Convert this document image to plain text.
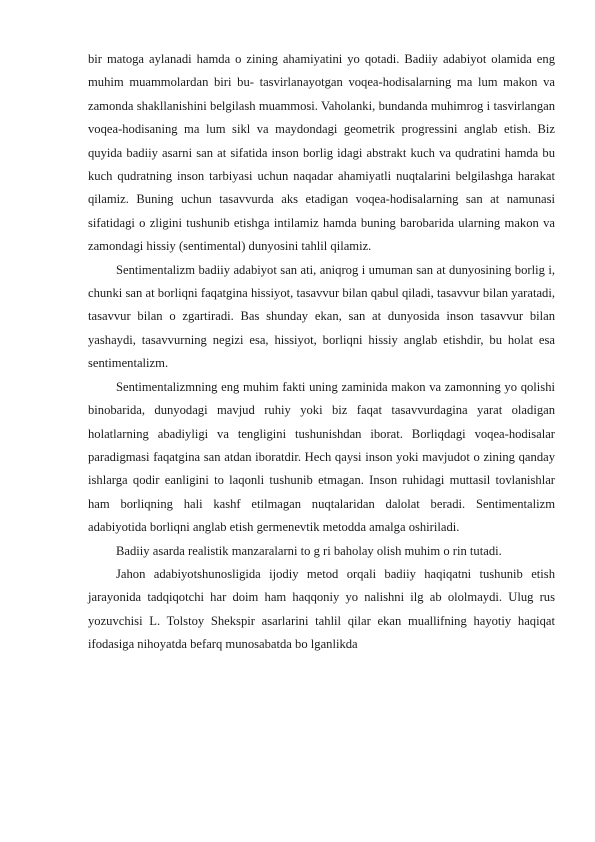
bir matoga aylanadi hamda o zining ahamiyatini yo qotadi. Badiiy adabiyot olamida eng muhim muammolardan biri bu- tasvirlanayotgan voqea-hodisalarning ma lum makon va zamonda shakllanishini belgilash muammosi. Vaholanki, bundanda muhimrog i tasvirlangan voqea-hodisaning ma lum sikl va maydondagi geometrik progressini anglab etish. Biz quyida badiiy asarni san at sifatida inson borlig idagi abstrakt kuch va qudratini hamda bu kuch qudratning inson tarbiyasi uchun naqadar ahamiyatli nuqtalarini belgilashga harakat qilamiz. Buning uchun tasavvurda aks etadigan voqea-hodisalarning san at namunasi sifatidagi o zligini tushunib etishga intilamiz hamda buning barobarida ularning makon va zamondagi hissiy (sentimental) dunyosini tahlil qilamiz.

Sentimentalizm badiiy adabiyot san ati, aniqrog i umuman san at dunyosining borlig i, chunki san at borliqni faqatgina hissiyot, tasavvur bilan qabul qiladi, tasavvur bilan yaratadi, tasavvur bilan o zgartiradi. Bas shunday ekan, san at dunyosida inson tasavvur bilan yashaydi, tasavvurning negizi esa, hissiyot, borliqni hissiy anglab etishdir, bu holat esa sentimentalizm.

Sentimentalizmning eng muhim fakti uning zaminida makon va zamonning yo qolishi binobarida, dunyodagi mavjud ruhiy yoki biz faqat tasavvurdagina yarat oladigan holatlarning abadiyligi va tengligini tushunishdan iborat. Borliqdagi voqea-hodisalar paradigmasi faqatgina san atdan iboratdir. Hech qaysi inson yoki mavjudot o zining qanday ishlarga qodir eanligini to laqonli tushunib etmagan. Inson ruhidagi muttasil tovlanishlar ham borliqning hali kashf etilmagan nuqtalaridan dalolat beradi. Sentimentalizm adabiyotida borliqni anglab etish germenevtik metodda amalga oshiriladi.

Badiiy asarda realistik manzaralarni to g ri baholay olish muhim o rin tutadi.

Jahon adabiyotshunosligida ijodiy metod orqali badiiy haqiqatni tushunib etish jarayonida tadqiqotchi har doim ham haqqoniy yo nalishni ilg ab ololmaydi. Ulug rus yozuvchisi L. Tolstoy Shekspir asarlarini tahlil qilar ekan muallifning hayotiy haqiqat ifodasiga nihoyatda befarq munosabatda bo lganlikda
